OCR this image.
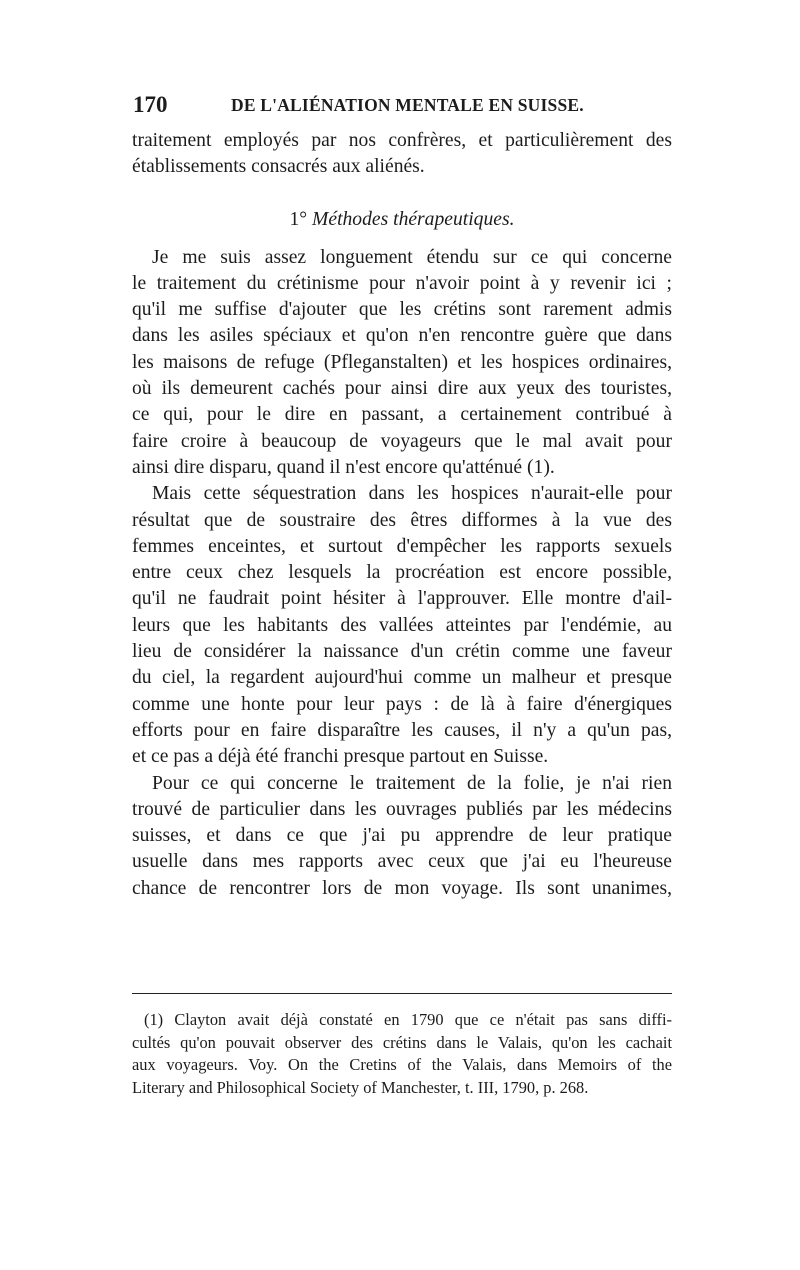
170	DE L'ALIÉNATION MENTALE EN SUISSE.
traitement employés par nos confrères, et particulièrement des
établissements consacrés aux aliénés.
1° Méthodes thérapeutiques.
Je me suis assez longuement étendu sur ce qui concerne
le traitement du crétinisme pour n'avoir point à y revenir ici ;
qu'il me suffise d'ajouter que les crétins sont rarement admis
dans les asiles spéciaux et qu'on n'en rencontre guère que dans
les maisons de refuge (Pfleganstalten) et les hospices ordinaires,
où ils demeurent cachés pour ainsi dire aux yeux des touristes,
ce qui, pour le dire en passant, a certainement contribué à
faire croire à beaucoup de voyageurs que le mal avait pour
ainsi dire disparu, quand il n'est encore qu'atténué (1).
Mais cette séquestration dans les hospices n'aurait-elle pour
résultat que de soustraire des êtres difformes à la vue des
femmes enceintes, et surtout d'empêcher les rapports sexuels
entre ceux chez lesquels la procréation est encore possible,
qu'il ne faudrait point hésiter à l'approuver. Elle montre d'ail-
leurs que les habitants des vallées atteintes par l'endémie, au
lieu de considérer la naissance d'un crétin comme une faveur
du ciel, la regardent aujourd'hui comme un malheur et presque
comme une honte pour leur pays : de là à faire d'énergiques
efforts pour en faire disparaître les causes, il n'y a qu'un pas,
et ce pas a déjà été franchi presque partout en Suisse.
Pour ce qui concerne le traitement de la folie, je n'ai rien
trouvé de particulier dans les ouvrages publiés par les médecins
suisses, et dans ce que j'ai pu apprendre de leur pratique
usuelle dans mes rapports avec ceux que j'ai eu l'heureuse
chance de rencontrer lors de mon voyage. Ils sont unanimes,
(1) Clayton avait déjà constaté en 1790 que ce n'était pas sans diffi-
cultés qu'on pouvait observer des crétins dans le Valais, qu'on les cachait
aux voyageurs. Voy. On the Cretins of the Valais, dans Memoirs of the
Literary and Philosophical Society of Manchester, t. III, 1790, p. 268.
